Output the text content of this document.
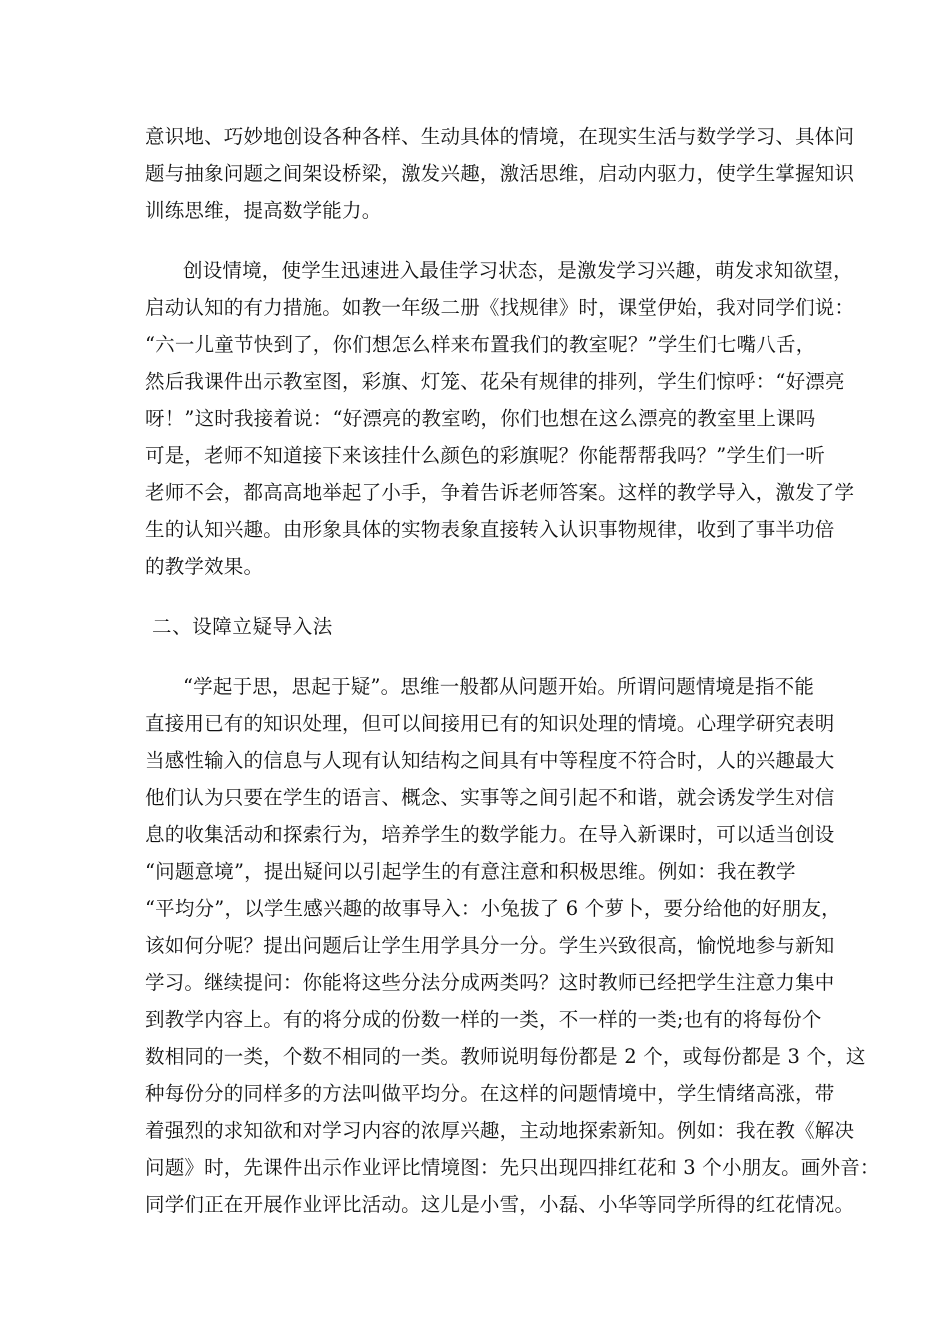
意识地、巧妙地创设各种各样、生动具体的情境，在现实生活与数学学习、具体问
题与抽象问题之间架设桥梁，激发兴趣，激活思维，启动内驱力，使学生掌握知识
训练思维，提高数学能力。
创设情境，使学生迅速进入最佳学习状态，是激发学习兴趣，萌发求知欲望，
启动认知的有力措施。如教一年级二册《找规律》时，课堂伊始，我对同学们说：
“六一儿童节快到了，你们想怎么样来布置我们的教室呢？”学生们七嘴八舌，
然后我课件出示教室图，彩旗、灯笼、花朵有规律的排列，学生们惊呼：“好漂亮
呀！”这时我接着说：“好漂亮的教室哟，你们也想在这么漂亮的教室里上课吗
可是，老师不知道接下来该挂什么颜色的彩旗呢？你能帮帮我吗？”学生们一听
老师不会，都高高地举起了小手，争着告诉老师答案。这样的教学导入，激发了学
生的认知兴趣。由形象具体的实物表象直接转入认识事物规律，收到了事半功倍
的教学效果。
二、设障立疑导入法
“学起于思，思起于疑”。思维一般都从问题开始。所谓问题情境是指不能
直接用已有的知识处理，但可以间接用已有的知识处理的情境。心理学研究表明
当感性输入的信息与人现有认知结构之间具有中等程度不符合时，人的兴趣最大
他们认为只要在学生的语言、概念、实事等之间引起不和谐，就会诱发学生对信
息的收集活动和探索行为，培养学生的数学能力。在导入新课时，可以适当创设
“问题意境”，提出疑问以引起学生的有意注意和积极思维。例如：我在教学
“平均分”，以学生感兴趣的故事导入：小兔拔了 6 个萝卜，要分给他的好朋友，
该如何分呢？提出问题后让学生用学具分一分。学生兴致很高，愉悦地参与新知
学习。继续提问：你能将这些分法分成两类吗？这时教师已经把学生注意力集中
到教学内容上。有的将分成的份数一样的一类，不一样的一类;也有的将每份个
数相同的一类，个数不相同的一类。教师说明每份都是 2 个，或每份都是 3 个，这
种每份分的同样多的方法叫做平均分。在这样的问题情境中，学生情绪高涨，带
着强烈的求知欲和对学习内容的浓厚兴趣，主动地探索新知。例如：我在教《解决
问题》时，先课件出示作业评比情境图：先只出现四排红花和 3 个小朋友。画外音：
同学们正在开展作业评比活动。这儿是小雪，小磊、小华等同学所得的红花情况。
